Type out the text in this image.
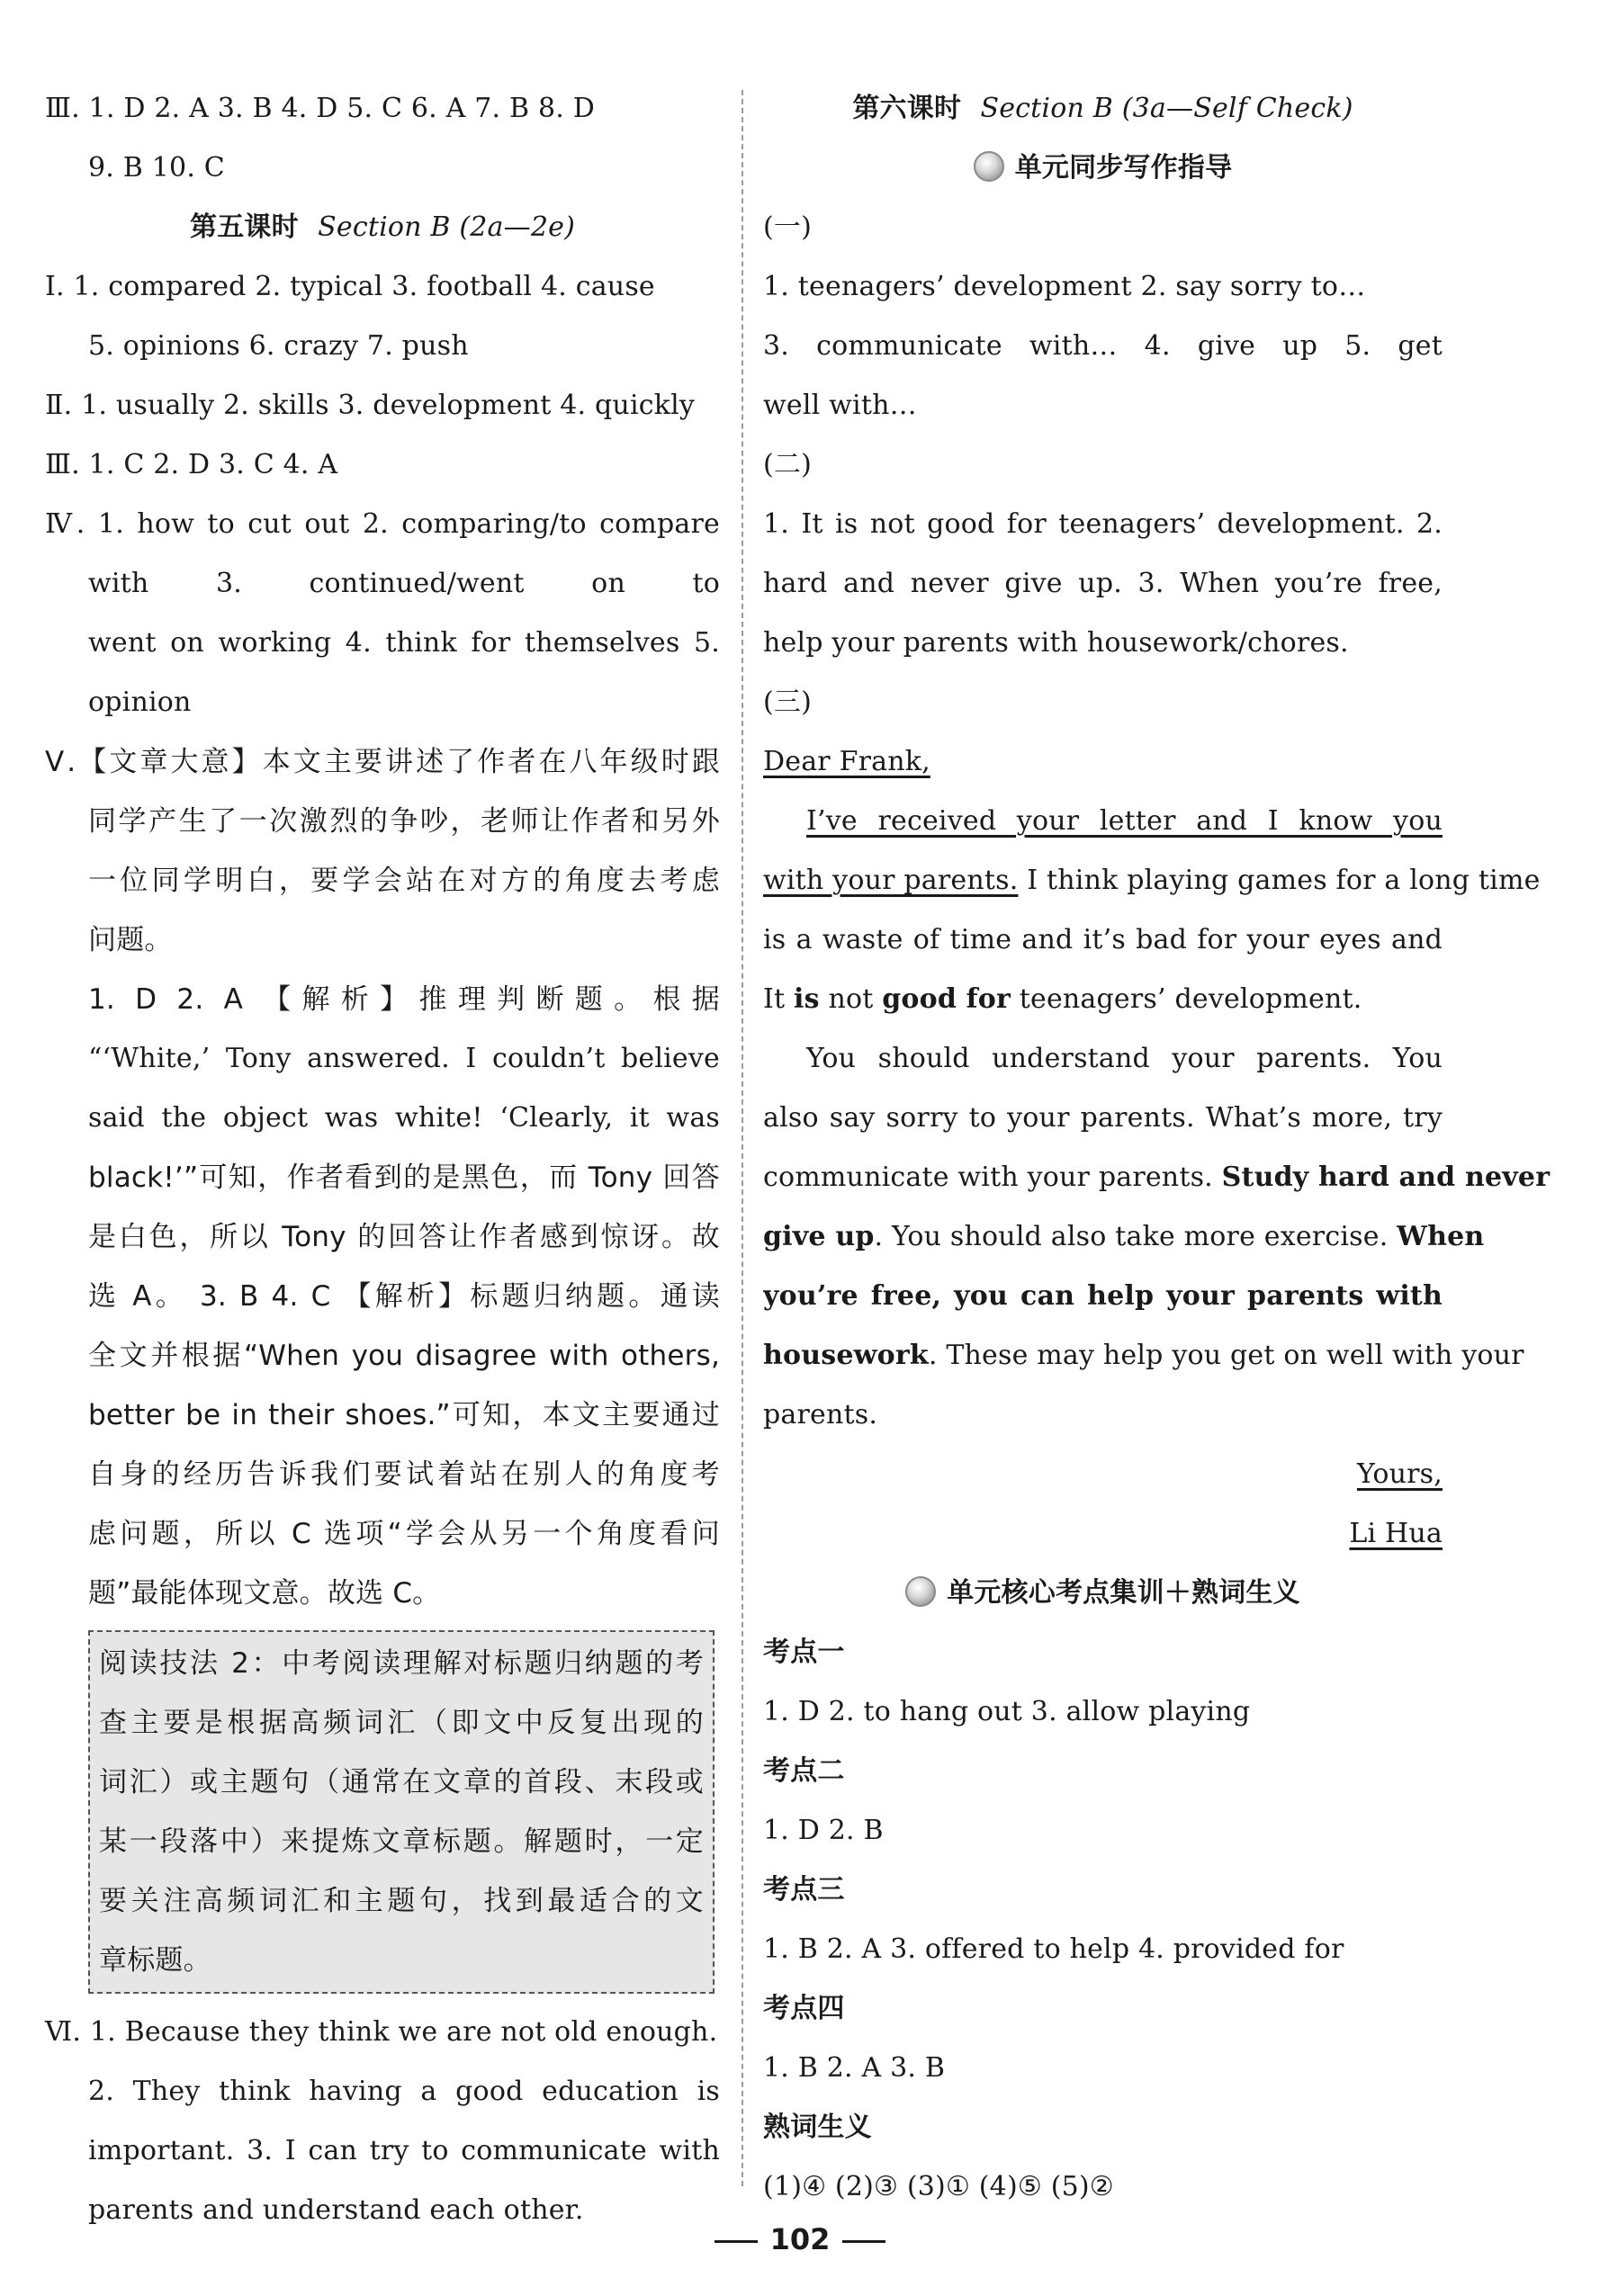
Ⅲ. 1. D 2. A 3. B 4. D 5. C 6. A 7. B 8. D
9. B 10. C
第五课时 Section B (2a—2e)
Ⅰ. 1. compared 2. typical 3. football 4. cause
5. opinions 6. crazy 7. push
Ⅱ. 1. usually 2. skills 3. development 4. quickly
Ⅲ. 1. C 2. D 3. C 4. A
Ⅳ. 1. how to cut out 2. comparing/to compare
with 3. continued/went on to
went on working 4. think for themselves 5.
opinion
Ⅴ.【文章大意】本文主要讲述了作者在八年级时跟
同学产生了一次激烈的争吵，老师让作者和另外
一位同学明白，要学会站在对方的角度去考虑
问题。
1. D 2. A 【解析】推理判断题。根据
“‘White,’ Tony answered. I couldn’t believe
said the object was white! ‘Clearly, it was
black!’”可知，作者看到的是黑色，而 Tony 回答
是白色，所以 Tony 的回答让作者感到惊讶。故
选 A。 3. B 4. C 【解析】标题归纳题。通读
全文并根据“When you disagree with others,
better be in their shoes.”可知，本文主要通过
自身的经历告诉我们要试着站在别人的角度考
虑问题，所以 C 选项“学会从另一个角度看问
题”最能体现文意。故选 C。
阅读技法 2：中考阅读理解对标题归纳题的考
查主要是根据高频词汇（即文中反复出现的
词汇）或主题句（通常在文章的首段、末段或
某一段落中）来提炼文章标题。解题时，一定
要关注高频词汇和主题句，找到最适合的文
章标题。
Ⅵ. 1. Because they think we are not old enough.
2. They think having a good education is
important. 3. I can try to communicate with
parents and understand each other.
第六课时 Section B (3a—Self Check)
单元同步写作指导
(一)
1. teenagers’ development 2. say sorry to…
3. communicate with… 4. give up 5. get
well with…
(二)
1. It is not good for teenagers’ development. 2.
hard and never give up. 3. When you’re free,
help your parents with housework/chores.
(三)
Dear Frank,
I’ve received your letter and I know you
with your parents. I think playing games for a long time
is a waste of time and it’s bad for your eyes and
It is not good for teenagers’ development.
You should understand your parents. You
also say sorry to your parents. What’s more, try
communicate with your parents. Study hard and never
give up. You should also take more exercise. When
you’re free, you can help your parents with
housework. These may help you get on well with your
parents.
Yours,
Li Hua
单元核心考点集训＋熟词生义
考点一
1. D 2. to hang out 3. allow playing
考点二
1. D 2. B
考点三
1. B 2. A 3. offered to help 4. provided for
考点四
1. B 2. A 3. B
熟词生义
(1)④ (2)③ (3)① (4)⑤ (5)②
102
